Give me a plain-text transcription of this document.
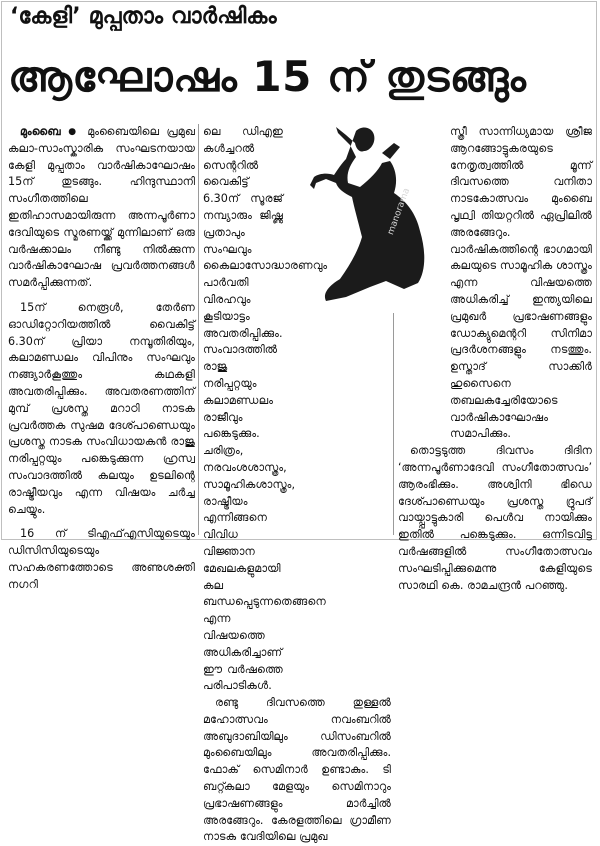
‘കേളി’ മുപ്പതാം വാർഷികം
ആഘോഷം 15 ന് തുടങ്ങും
manorama

മുംബൈ ● മുംബൈയിലെ പ്രമുഖ കലാ-സാംസ്കാരിക സംഘടനയായ കേളി മുപ്പതാം വാർഷികാഘോഷം 15ന് തുടങ്ങും. ഹിന്ദുസ്ഥാനി സംഗീതത്തിലെ ഇതിഹാസമായിരുന്ന അന്നപൂർണാ ദേവിയുടെ സ്മരണയ്ക്ക് മുന്നിലാണ് ഒരു വർഷക്കാലം നീണ്ടു നിൽക്കുന്ന വാർഷികാഘോഷ പ്രവർത്തനങ്ങൾ സമർപ്പിക്കുന്നത്.

15ന് നെരൂൾ, തേർണ ഓഡിറ്റോറിയത്തിൽ വൈകിട്ട് 6.30ന് പ്രിയാ നമ്പൂതിരിയും, കലാമണ്ഡലം വിപിനും സംഘവും നങ്ങ്യാർകൂത്തും കഥകളി അവതരിപ്പിക്കും. അവതരണത്തിന് മുമ്പ് പ്രശസ്ത മറാഠി നാടക പ്രവർത്തക സുഷമ ദേശ്പാണ്ഡെയും പ്രശസ്ത നാടക സംവിധായകൻ രാജു നരിപ്പറ്റയും പങ്കെടുക്കുന്ന ഹ്രസ്വ സംവാദത്തിൽ കലയും ഉടലിന്റെ രാഷ്ട്രീയവും എന്ന വിഷയം ചർച്ച ചെയ്യും.

16 ന് ടിഎഫ്എസിയുടെയും ഡിസിസിയുടെയും സഹകരണത്തോടെ അണുശക്തി നഗറി

ലെ ഡിഎഇ കൾച്ചറൽ സെന്ററിൽ വൈകിട്ട് 6.30ന് സൂരജ് നമ്പ്യാരും ജിഷ്ണു പ്രതാപും സംഘവും കൈലാസോദ്ധാരണവും പാർവതി വിരഹവും കൂടിയാട്ടം അവതരിപ്പിക്കും. സംവാദത്തിൽ രാജു നരിപ്പറ്റയും കലാമണ്ഡലം രാജീവും പങ്കെടുക്കും. ചരിത്രം, നരവംശശാസ്ത്രം, സാമൂഹികശാസ്ത്രം, രാഷ്ട്രീയം എന്നിങ്ങനെ വിവിധ വിജ്ഞാന മേഖലകളുമായി കല ബന്ധപ്പെടുന്നതെങ്ങനെ എന്ന വിഷയത്തെ അധികരിച്ചാണ് ഈ വർഷത്തെ പരിപാടികൾ.

രണ്ടു ദിവസത്തെ തുള്ളൽ മഹോത്സവം നവംബറിൽ അബുദാബിയിലും ഡിസംബറിൽ മുംബൈയിലും അവതരിപ്പിക്കും. ഫോക് സെമിനാർ ഉണ്ടാകും. ടി ബറ്റ്കലാ മേളയും സെമിനാറും പ്രഭാഷണങ്ങളും മാർച്ചിൽ അരങ്ങേറും. കേരളത്തിലെ ഗ്രാമീണ നാടക വേദിയിലെ പ്രമുഖ

സ്ത്രീ സാന്നിധ്യമായ ശ്രീജ ആറങ്ങോട്ടുകരയുടെ നേതൃത്വത്തിൽ മൂന്ന് ദിവസത്തെ വനിതാ നാടകോത്സവം മുംബൈ പൃഥ്വി തിയറ്ററിൽ ഏപ്രിലിൽ അരങ്ങേറും. വാർഷികത്തിന്റെ ഭാഗമായി കലയുടെ സാമൂഹിക ശാസ്ത്രം എന്ന വിഷയത്തെ അധികരിച്ച് ഇന്ത്യയിലെ പ്രമുഖർ പ്രഭാഷണങ്ങളും ഡോക്യുമെന്ററി സിനിമാ പ്രദർശനങ്ങളും നടത്തും. ഉസ്താദ് സാക്കിർ ഹുസൈനെ തബലകച്ചേരിയോടെ വാർഷികാഘോഷം സമാപിക്കും.

തൊട്ടടുത്ത ദിവസം ദിദിന ‘അന്നപൂർണാദേവി സംഗീതോത്സവം’ ആരംഭിക്കും. അശ്വിനി ഭിഡെ ദേശ്പാണ്ഡെയും പ്രശസ്ത ദ്രുപദ് വായ്പ്പാട്ടുകാരി പെൾവ നായിക്കും ഇതിൽ പങ്കെടുക്കും. ഒന്നിടവിട്ട വർഷങ്ങളിൽ സംഗീതോത്സവം സംഘടിപ്പിക്കുമെന്നു കേളിയുടെ സാരഥി കെ. രാമചന്ദ്രൻ പറഞ്ഞു.
